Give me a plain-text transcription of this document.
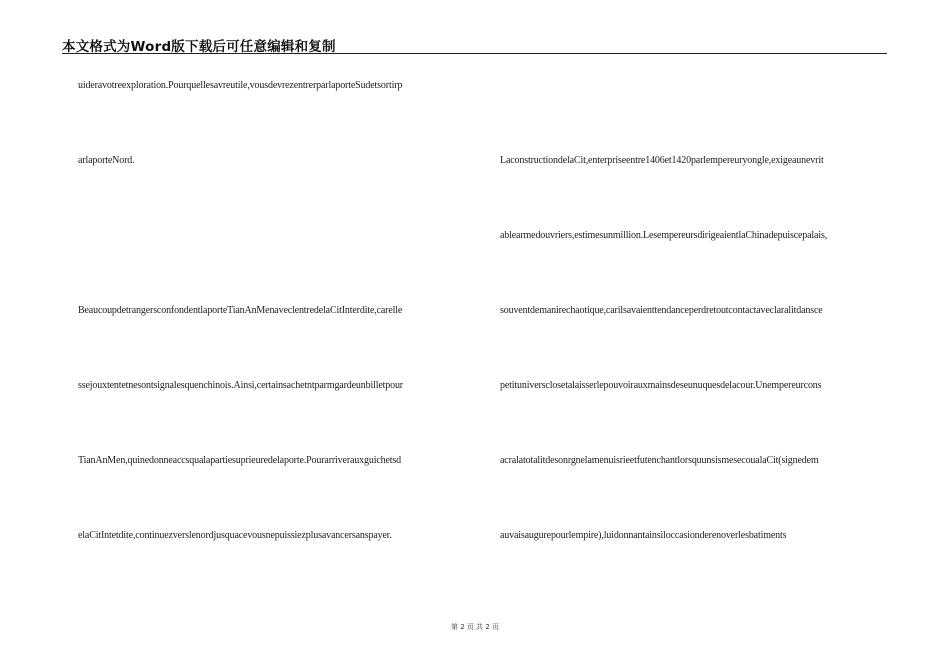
本文格式为Word版下载后可任意编辑和复制
uideravotreexploration.Pourquellesavreutile,vousdevrezentrerparlaporteSudetsortirp
arlaporteNord.
BeaucoupdetrangersconfondentlaporteTianAnMenaveclentredelaCitInterdite,carelle
ssejouxtentetnesontsignalesquenchinois.Ainsi,certainsachetntparmgardeunbilletpour
TianAnMen,quinedonneaccsqualapartiesuprieuredelaporte.Pourarriverauxguichetsd
elaCitIntetdite,continuezverslenordjusquacevousnepuissiezplusavancersanspayer.
LaconstructiondelaCit,enterpriseentre1406et1420parlempereuryongle,exigeaunevrit
ablearmedouvriers,estimesunmillion.LesempereursdirigeaientlaChinadepuiscepalais,
souventdemanirechaotique,carilsavaienttendanceperdretoutcontactaveclaralitdansce
petituniversclosetalaisserlepouvoirauxmainsdeseunuquesdelacour.Unempereurcons
acralatotalitdesonrgnelamenuisrieetfutenchantlorsquunsismesecoualaCit(signedem
auvaisaugurepourlempire),luidonnantainsiloccasionderenoverlesbatiments
第 2 页 共 2 页
